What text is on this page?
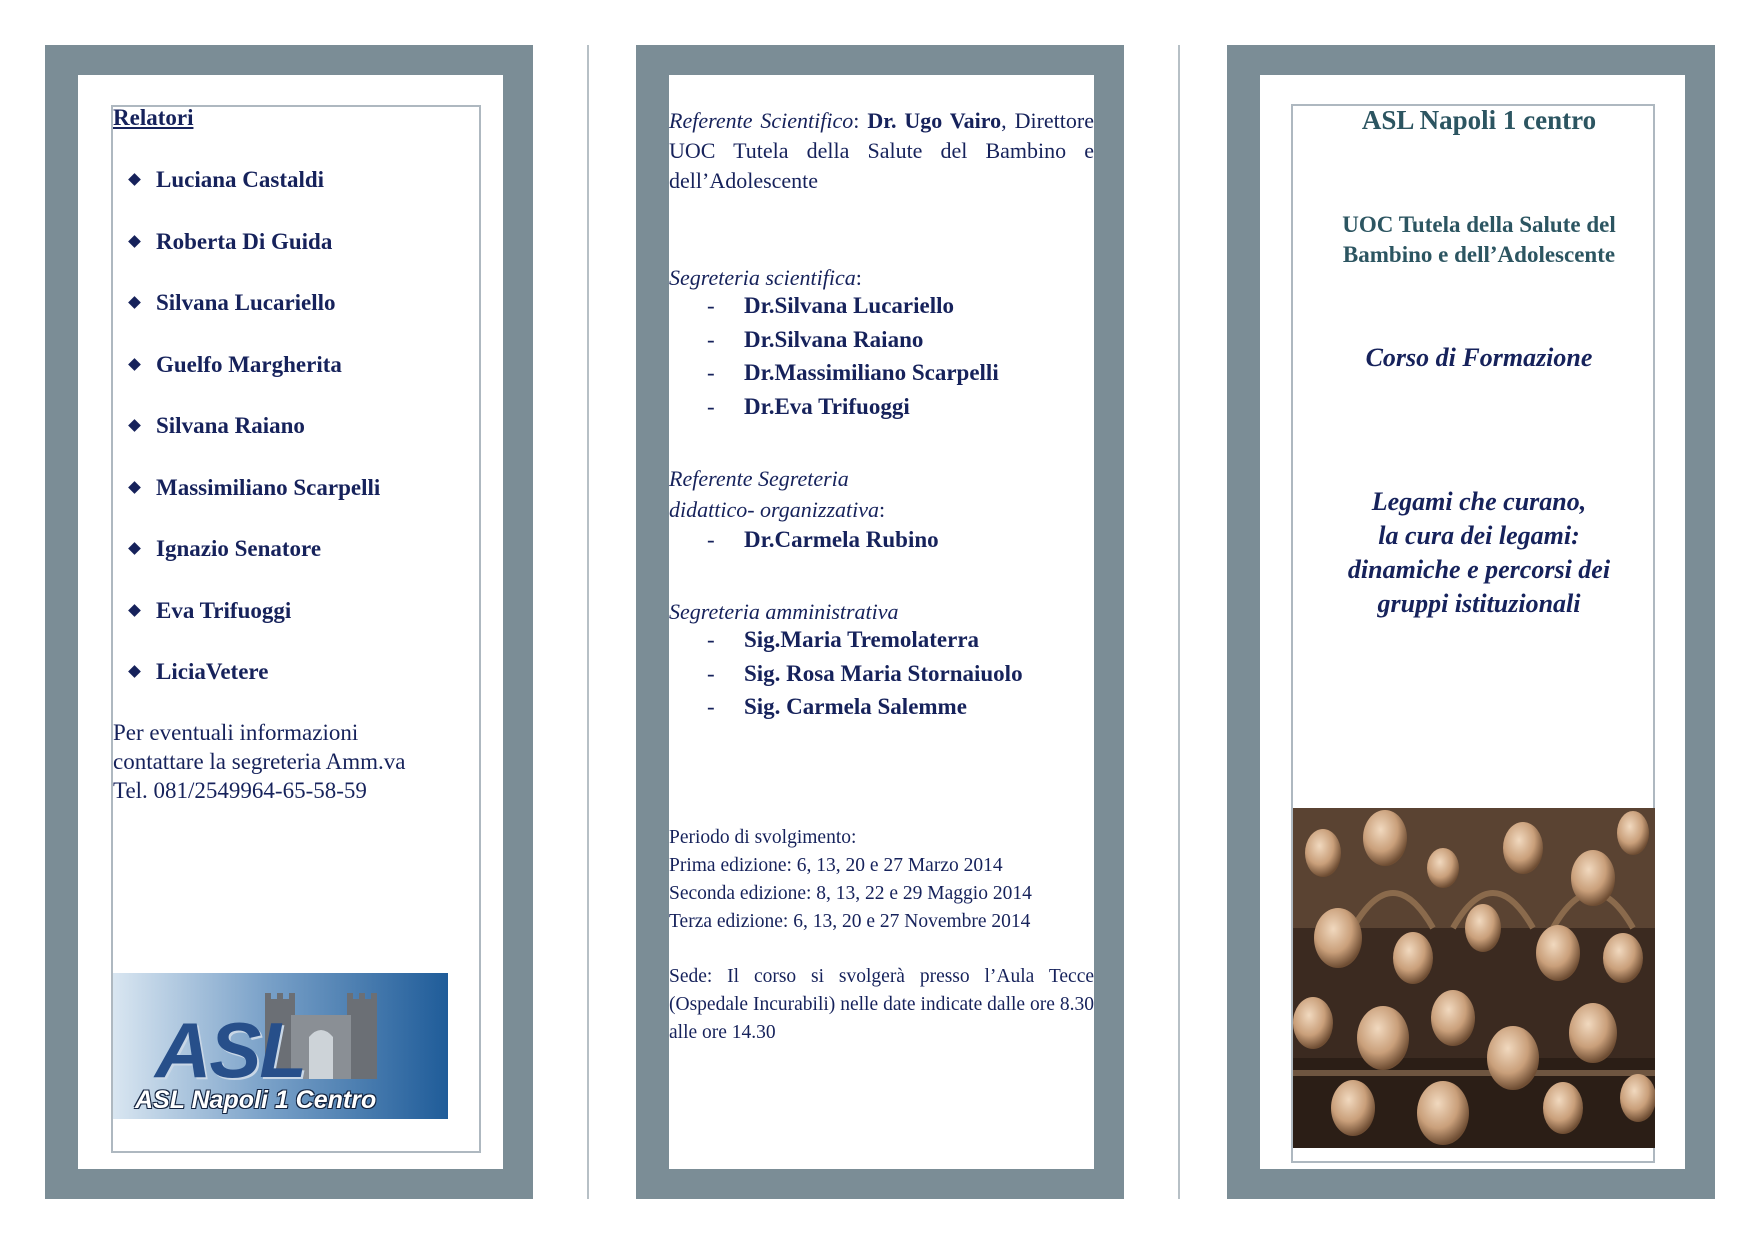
Relatori
Luciana Castaldi
Roberta Di Guida
Silvana Lucariello
Guelfo Margherita
Silvana Raiano
Massimiliano Scarpelli
Ignazio Senatore
Eva Trifuoggi
LiciaVetere
Per eventuali informazioni
contattare la segreteria Amm.va
Tel. 081/2549964-65-58-59
ASL
ASL Napoli 1 Centro
Referente Scientifico: Dr. Ugo Vairo, Direttore UOC Tutela della Salute del Bambino e dell’Adolescente
Segreteria scientifica:
- Dr.Silvana Lucariello
- Dr.Silvana Raiano
- Dr.Massimiliano Scarpelli
- Dr.Eva Trifuoggi
Referente Segreteria
didattico- organizzativa:
- Dr.Carmela Rubino
Segreteria amministrativa
- Sig.Maria Tremolaterra
- Sig. Rosa Maria Stornaiuolo
- Sig. Carmela Salemme
Periodo di svolgimento:
Prima edizione: 6, 13, 20 e 27 Marzo 2014
Seconda edizione: 8, 13, 22 e 29 Maggio 2014
Terza edizione: 6, 13, 20 e 27 Novembre 2014
Sede: Il corso si svolgerà presso l’Aula Tecce (Ospedale Incurabili) nelle date indicate dalle ore 8.30 alle ore 14.30
ASL Napoli 1 centro
UOC Tutela della Salute del
Bambino e dell’Adolescente
Corso di Formazione
Legami che curano,
la cura dei legami:
dinamiche e percorsi dei
gruppi istituzionali
